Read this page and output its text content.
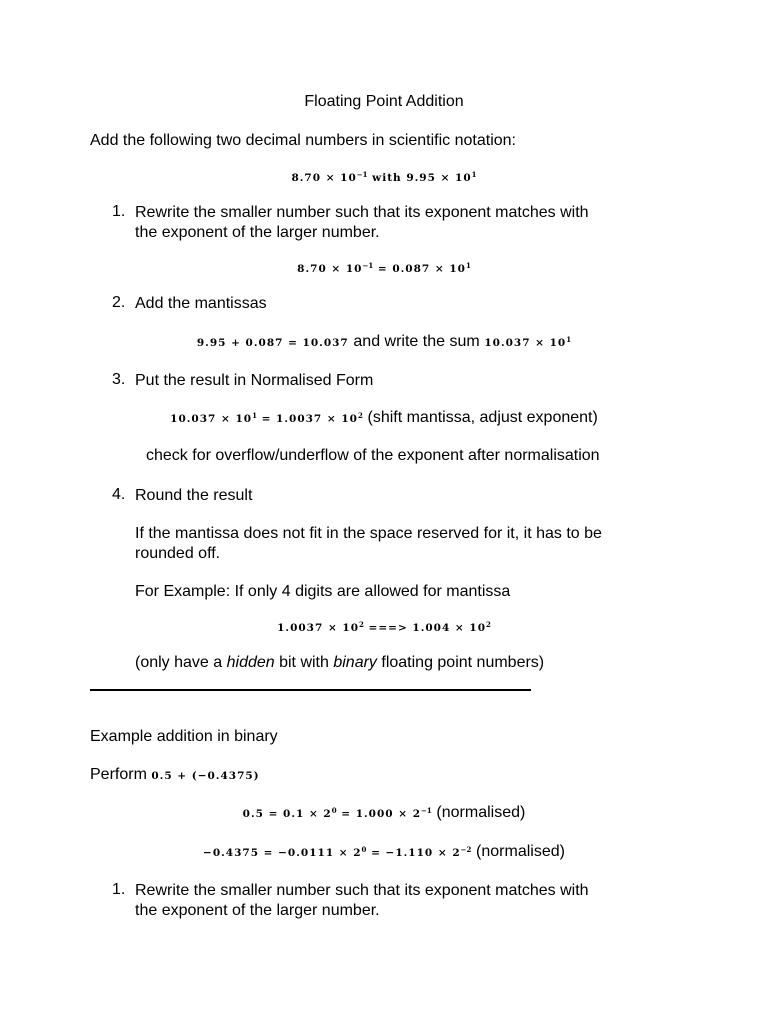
Floating Point Addition
Add the following two decimal numbers in scientific notation:
$8.70 \times 10^{-1}$ with $9.95 \times 10^1$
1. Rewrite the smaller number such that its exponent matches with
the exponent of the larger number.
$8.70 \times 10^{-1} = 0.087 \times 10^1$
2. Add the mantissas
9.95 + 0.087 = 10.037 and write the sum $10.037 \times 10^1$
3. Put the result in Normalised Form
$10.037 \times 10^1 = 1.0037 \times 10^2$ (shift mantissa, adjust exponent)
check for overflow/underflow of the exponent after normalisation
4. Round the result
If the mantissa does not fit in the space reserved for it, it has to be
rounded off.
For Example: If only 4 digits are allowed for mantissa
$1.0037 \times 10^2$ ===> $1.004 \times 10^2$
(only have a hidden bit with binary floating point numbers)
Example addition in binary
Perform 0.5 + (−0.4375)
$0.5 = 0.1 \times 2^0 = 1.000 \times 2^{-1}$ (normalised)
$-0.4375 = -0.0111 \times 2^0 = -1.110 \times 2^{-2}$ (normalised)
1. Rewrite the smaller number such that its exponent matches with
the exponent of the larger number.
